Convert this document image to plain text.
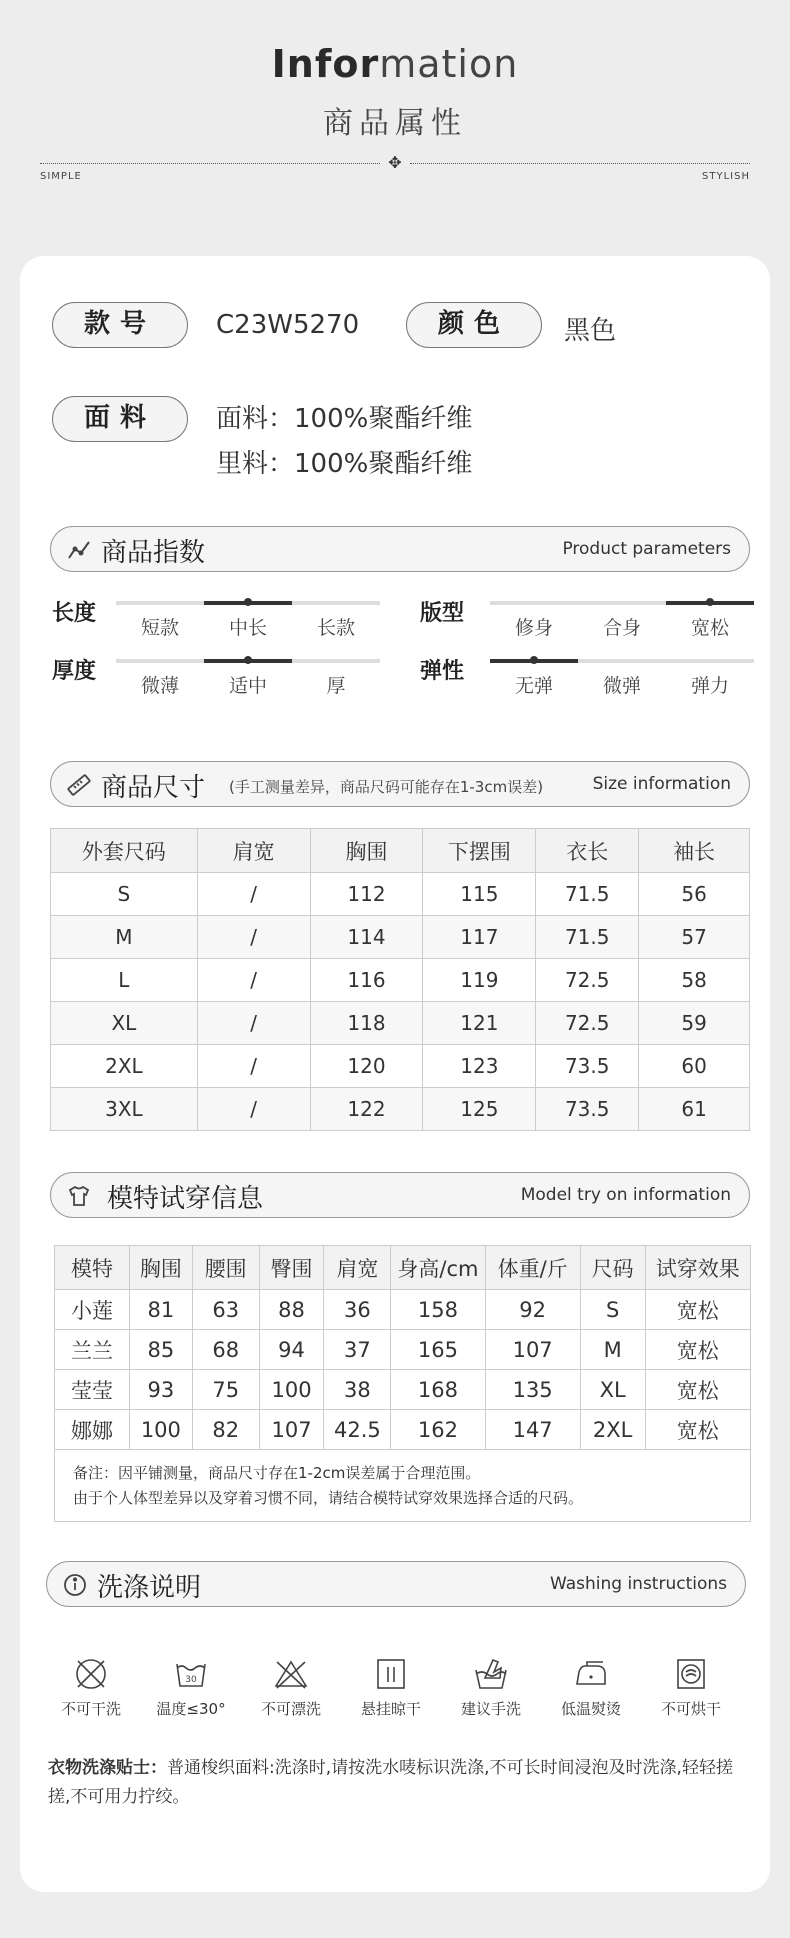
Information
商品属性
✥
SIMPLE	STYLISH
款号	C23W5270	颜色	黑色
面料	面料：100%聚酯纤维
里料：100%聚酯纤维
商品指数	Product parameters
长度
短款	中长	长款
版型
修身	合身	宽松
厚度
微薄	适中	厚
弹性
无弹	微弹	弹力
商品尺寸 (手工测量差异，商品尺码可能存在1-3cm误差)	Size information
外套尺码	肩宽	胸围	下摆围	衣长	袖长
S	/	112	115	71.5	56
M	/	114	117	71.5	57
L	/	116	119	72.5	58
XL	/	118	121	72.5	59
2XL	/	120	123	73.5	60
3XL	/	122	125	73.5	61
模特试穿信息	Model try on information
模特	胸围	腰围	臀围	肩宽	身高/cm	体重/斤	尺码	试穿效果
小莲	81	63	88	36	158	92	S	宽松
兰兰	85	68	94	37	165	107	M	宽松
莹莹	93	75	100	38	168	135	XL	宽松
娜娜	100	82	107	42.5	162	147	2XL	宽松

备注：因平铺测量，商品尺寸存在1-2cm误差属于合理范围。
由于个人体型差异以及穿着习惯不同，请结合模特试穿效果选择合适的尺码。								
洗涤说明	Washing instructions
不可干洗
30
温度≤30°	不可漂洗	悬挂晾干	建议手洗	低温熨烫	不可烘干
衣物洗涤贴士：普通梭织面料:洗涤时,请按洗水唛标识洗涤,不可长时间浸泡及时洗涤,轻轻搓搓,不可用力拧绞。
